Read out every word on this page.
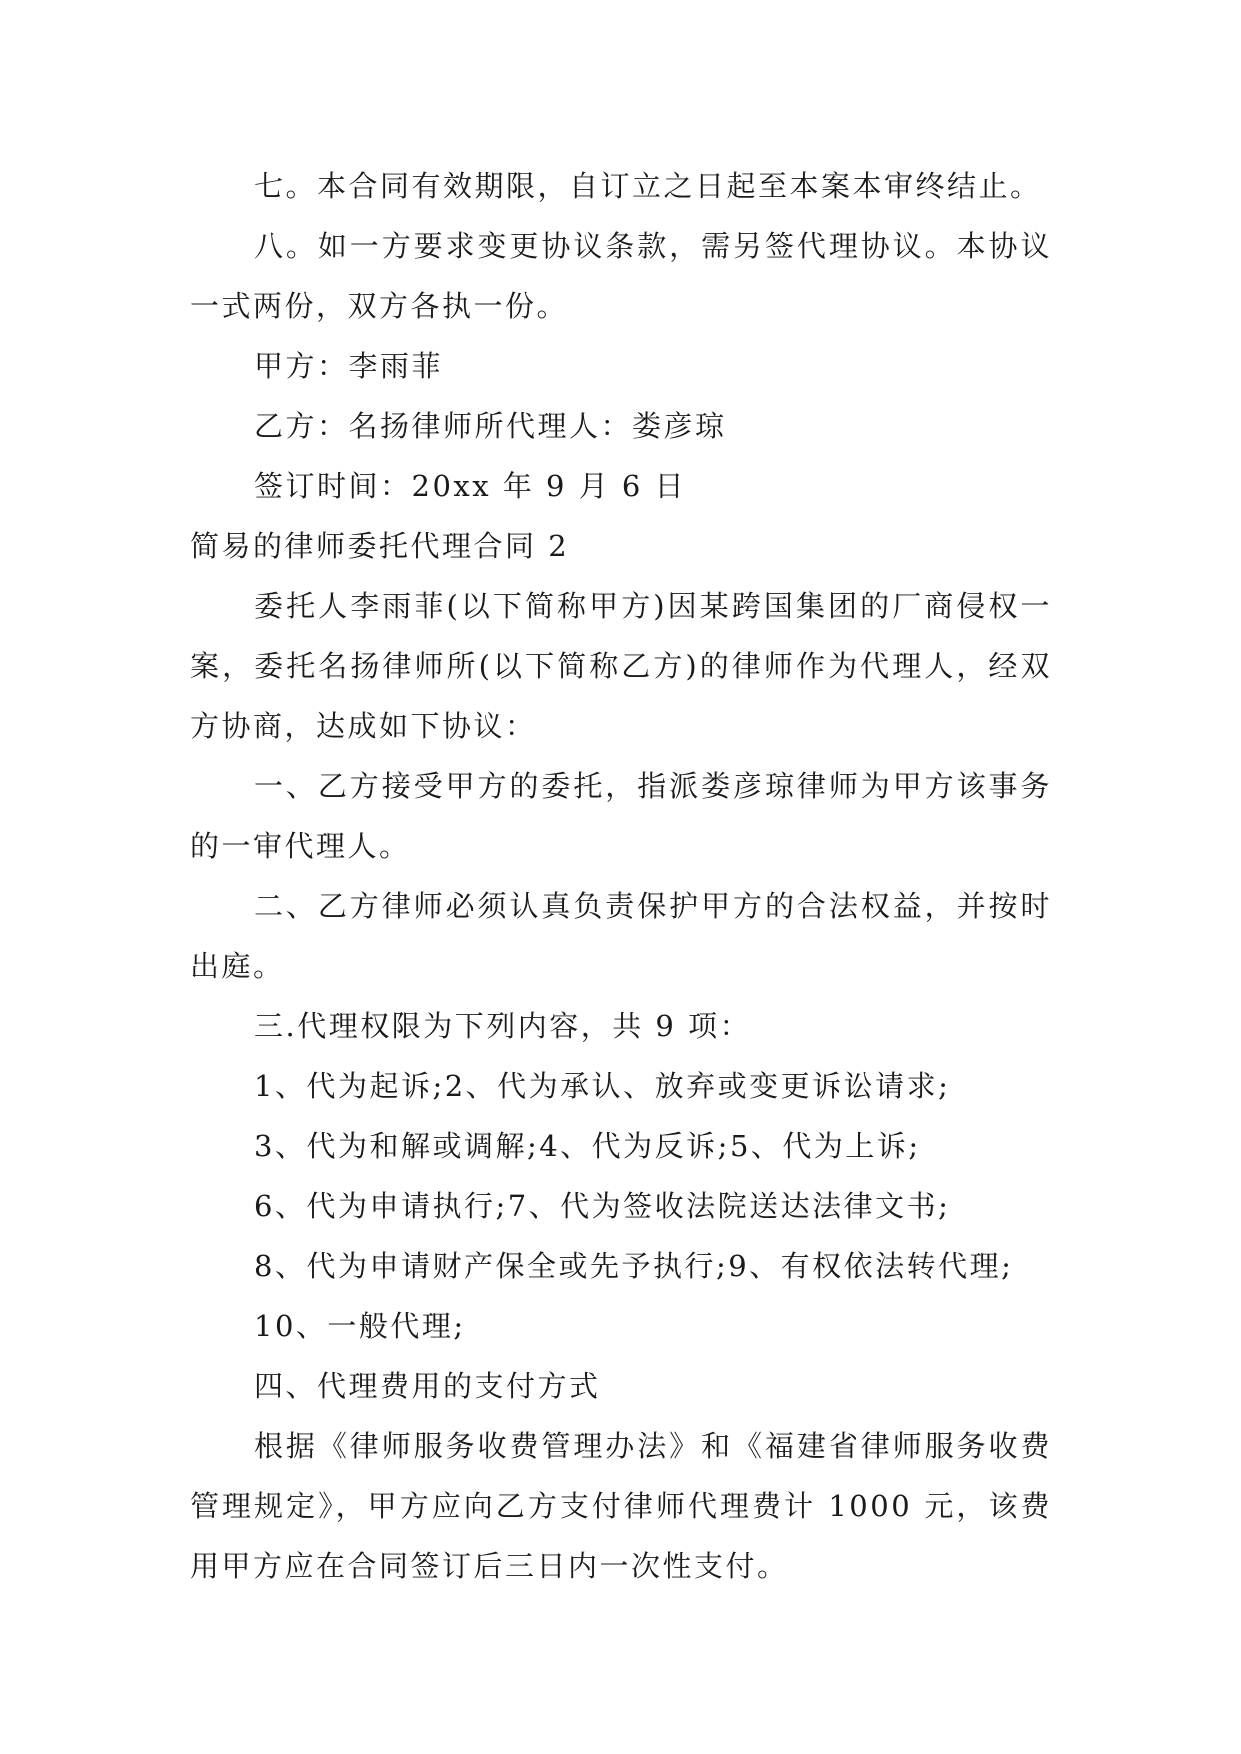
七。本合同有效期限，自订立之日起至本案本审终结止。

八。如一方要求变更协议条款，需另签代理协议。本协议一式两份，双方各执一份。

甲方：李雨菲

乙方：名扬律师所代理人：娄彦琼

签订时间：20xx 年 9 月 6 日

简易的律师委托代理合同 2

委托人李雨菲(以下简称甲方)因某跨国集团的厂商侵权一案，委托名扬律师所(以下简称乙方)的律师作为代理人，经双方协商，达成如下协议：

一、乙方接受甲方的委托，指派娄彦琼律师为甲方该事务的一审代理人。

二、乙方律师必须认真负责保护甲方的合法权益，并按时出庭。

三.代理权限为下列内容，共 9 项：

1、代为起诉;2、代为承认、放弃或变更诉讼请求;

3、代为和解或调解;4、代为反诉;5、代为上诉;

6、代为申请执行;7、代为签收法院送达法律文书;

8、代为申请财产保全或先予执行;9、有权依法转代理;

10、一般代理;

四、代理费用的支付方式

根据《律师服务收费管理办法》和《福建省律师服务收费管理规定》，甲方应向乙方支付律师代理费计 1000 元，该费用甲方应在合同签订后三日内一次性支付。
